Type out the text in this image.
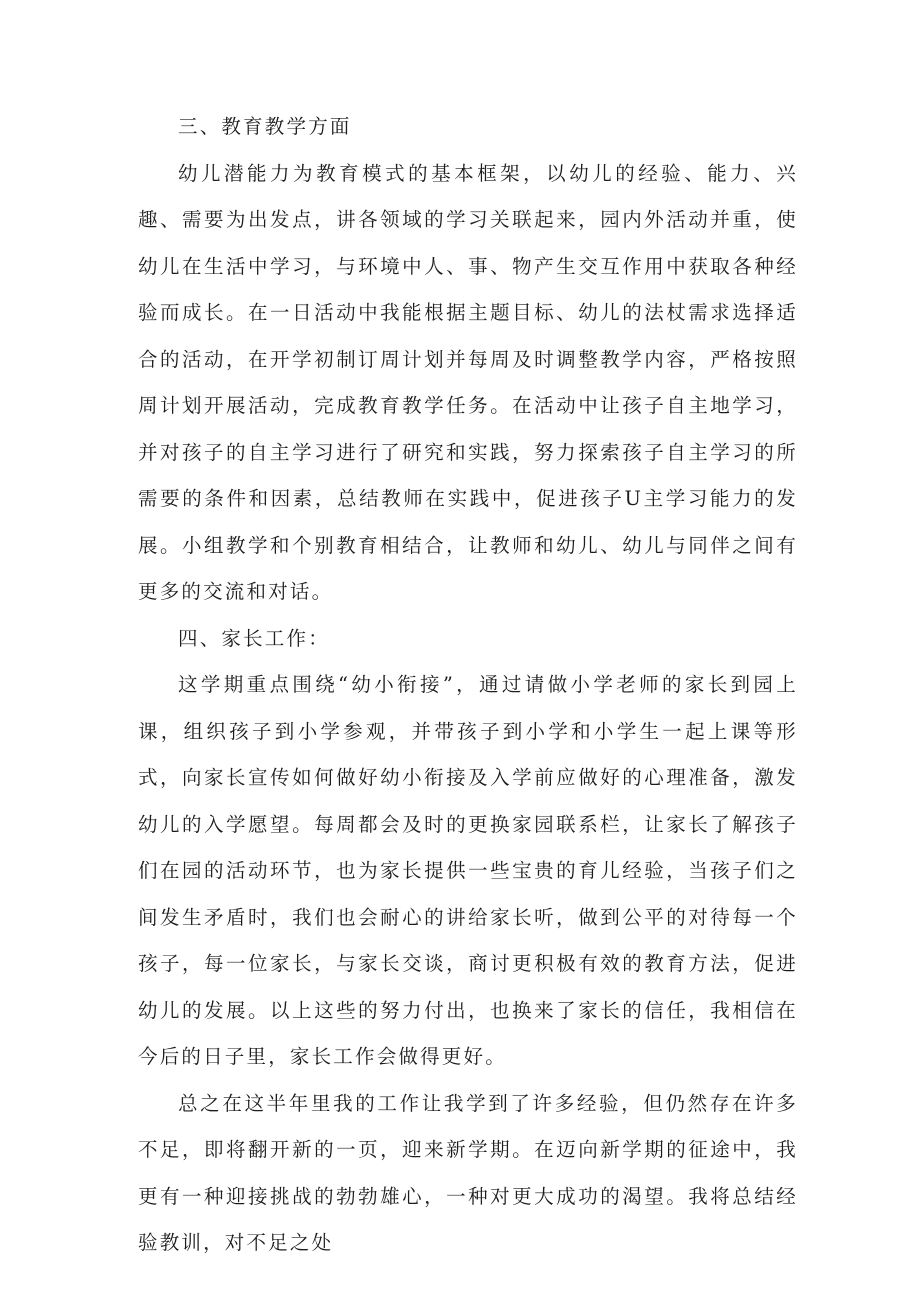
三、教育教学方面

幼儿潜能力为教育模式的基本框架，以幼儿的经验、能力、兴趣、需要为出发点，讲各领域的学习关联起来，园内外活动并重，使幼儿在生活中学习，与环境中人、事、物产生交互作用中获取各种经验而成长。在一日活动中我能根据主题目标、幼儿的法杖需求选择适合的活动，在开学初制订周计划并每周及时调整教学内容，严格按照周计划开展活动，完成教育教学任务。在活动中让孩子自主地学习，并对孩子的自主学习进行了研究和实践，努力探索孩子自主学习的所需要的条件和因素，总结教师在实践中，促进孩子U主学习能力的发展。小组教学和个别教育相结合，让教师和幼儿、幼儿与同伴之间有更多的交流和对话。

四、家长工作：

这学期重点围绕“幼小衔接”，通过请做小学老师的家长到园上课，组织孩子到小学参观，并带孩子到小学和小学生一起上课等形式，向家长宣传如何做好幼小衔接及入学前应做好的心理准备，激发幼儿的入学愿望。每周都会及时的更换家园联系栏，让家长了解孩子们在园的活动环节，也为家长提供一些宝贵的育儿经验，当孩子们之间发生矛盾时，我们也会耐心的讲给家长听，做到公平的对待每一个孩子，每一位家长，与家长交谈，商讨更积极有效的教育方法，促进幼儿的发展。以上这些的努力付出，也换来了家长的信任，我相信在今后的日子里，家长工作会做得更好。

总之在这半年里我的工作让我学到了许多经验，但仍然存在许多不足，即将翻开新的一页，迎来新学期。在迈向新学期的征途中，我更有一种迎接挑战的勃勃雄心，一种对更大成功的渴望。我将总结经验教训，对不足之处
